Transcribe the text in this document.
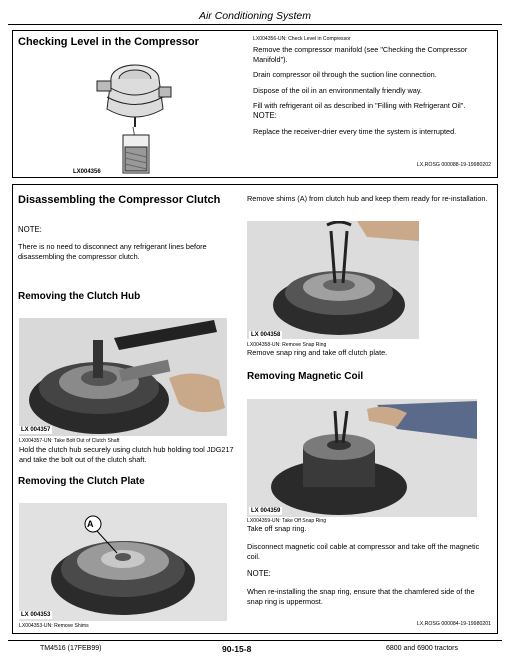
Air Conditioning System
Checking Level in the Compressor
LX004356
LX004356-UN: Check Level in Compressor

Remove the compressor manifold (see "Checking the Compressor Manifold").

Drain compressor oil through the suction line connection.

Dispose of the oil in an environmentally friendly way.

Fill with refrigerant oil as described in "Filling with Refrigerant Oil".

NOTE:
Replace the receiver-drier every time the system is interrupted.
LX,ROSG 000088-19-19980202
Disassembling the Compressor Clutch
NOTE:
There is no need to disconnect any refrigerant lines before disassembling the compressor clutch.
Removing the Clutch Hub
LX 004357
LX004357-UN: Take Bolt Out of Clutch Shaft
Hold the clutch hub securely using clutch hub holding tool JDG217 and take the bolt out of the clutch shaft.
Removing the Clutch Plate
A
LX 004353
LX004353-UN: Remove Shims
Remove shims (A) from clutch hub and keep them ready for re-installation.
LX 004358
LX004358-UN: Remove Snap Ring
Remove snap ring and take off clutch plate.
Removing Magnetic Coil
LX 004359
LX004359-UN: Take Off Snap Ring
Take off snap ring.
Disconnect magnetic coil cable at compressor and take off the magnetic coil.
NOTE:
When re-installing the snap ring, ensure that the chamfered side of the snap ring is uppermost.
LX,ROSG 000084-19-19980201
TM4516 (17FEB99)	90-15-8	6800 and 6900 tractors
